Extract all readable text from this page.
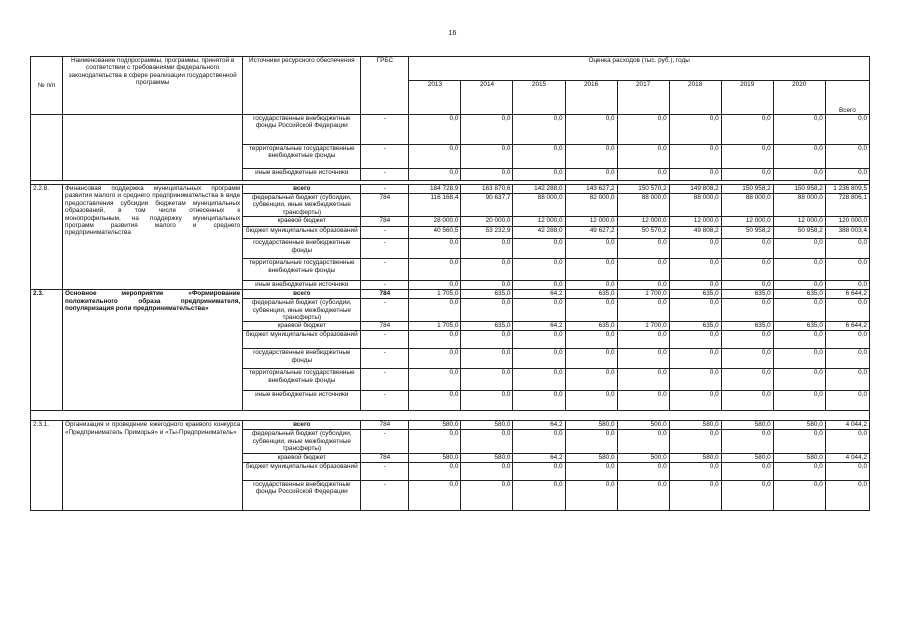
16
№ п/п	Наименование подпрограммы, программы, принятой в соответствии с требованиями федерального законодательства в сфере реализации государственной программы	Источники ресурсного обеспечения	ГРБС	Оценка расходов (тыс. руб.), годы								
				2013	2014	2015	2016	2017	2018	2019	2020	Всего
		государственные внебюджетные фонды Российской Федерации	-	0,0	0,0	0,0	0,0	0,0	0,0	0,0	0,0	0,0
		территориальные государственные внебюджетные фонды	-	0,0	0,0	0,0	0,0	0,0	0,0	0,0	0,0	0,0
		иные внебюджетные источники	-	0,0	0,0	0,0	0,0	0,0	0,0	0,0	0,0	0,0

2.2.8.	Финансовая поддержка муниципальных программ развития малого и среднего предпринимательства в виде предоставления субсидии бюджетам муниципальных образований, в том числе отнесенных к монопрофильным, на поддержку муниципальных программ развития малого и среднего предпринимательства	всего	-	184 728,9	163 870,6	142 288,0	143 627,2	150 570,2	149 808,2	150 958,2	150 958,2	1 236 809,5
		федеральный бюджет (субсидии, субвенции, иные межбюджетные трансферты)	784	116 168,4	90 637,7	88 000,0	82 000,0	88 000,0	88 000,0	88 000,0	88 000,0	728 806,1
		краевой бюджет	784	28 000,0	20 000,0	12 000,0	12 000,0	12 000,0	12 000,0	12 000,0	12 000,0	120 000,0
		бюджет муниципальных образований	-	40 560,5	53 232,9	42 288,0	49 627,2	50 570,2	49 808,2	50 958,2	50 958,2	388 003,4
		государственные внебюджетные фонды	-	0,0	0,0	0,0	0,0	0,0	0,0	0,0	0,0	0,0
		территориальные государственные внебюджетные фонды	-	0,0	0,0	0,0	0,0	0,0	0,0	0,0	0,0	0,0
		иные внебюджетные источники	-	0,0	0,0	0,0	0,0	0,0	0,0	0,0	0,0	0,0
2.3.	Основное мероприятие «Формирование положительного образа предпринимателя, популяризация роли предпринимательства»	всего	784	1 705,0	635,0	64,2	635,0	1 700,0	635,0	635,0	635,0	6 644,2
		федеральный бюджет (субсидии, субвенции, иные межбюджетные трансферты)	-	0,0	0,0	0,0	0,0	0,0	0,0	0,0	0,0	0,0
		краевой бюджет	784	1 705,0	635,0	64,2	635,0	1 700,0	635,0	635,0	635,0	6 644,2
		бюджет муниципальных образований	-	0,0	0,0	0,0	0,0	0,0	0,0	0,0	0,0	0,0
		государственные внебюджетные фонды	-	0,0	0,0	0,0	0,0	0,0	0,0	0,0	0,0	0,0
		территориальные государственные внебюджетные фонды	-	0,0	0,0	0,0	0,0	0,0	0,0	0,0	0,0	0,0
		иные внебюджетные источники	-	0,0	0,0	0,0	0,0	0,0	0,0	0,0	0,0	0,0

2.3.1.	Организация и проведение ежегодного краевого конкурса «Предприниматель Приморья» и «Ты-Предприниматель»	всего	784	580,0	580,0	64,2	580,0	500,0	580,0	580,0	580,0	4 044,2
		федеральный бюджет (субсидии, субвенции, иные межбюджетные трансферты)	-	0,0	0,0	0,0	0,0	0,0	0,0	0,0	0,0	0,0
		краевой бюджет	784	580,0	580,0	64,2	580,0	500,0	580,0	580,0	580,0	4 044,2
		бюджет муниципальных образований	-	0,0	0,0	0,0	0,0	0,0	0,0	0,0	0,0	0,0
		государственные внебюджетные фонды Российской Федерации	-	0,0	0,0	0,0	0,0	0,0	0,0	0,0	0,0	0,0
